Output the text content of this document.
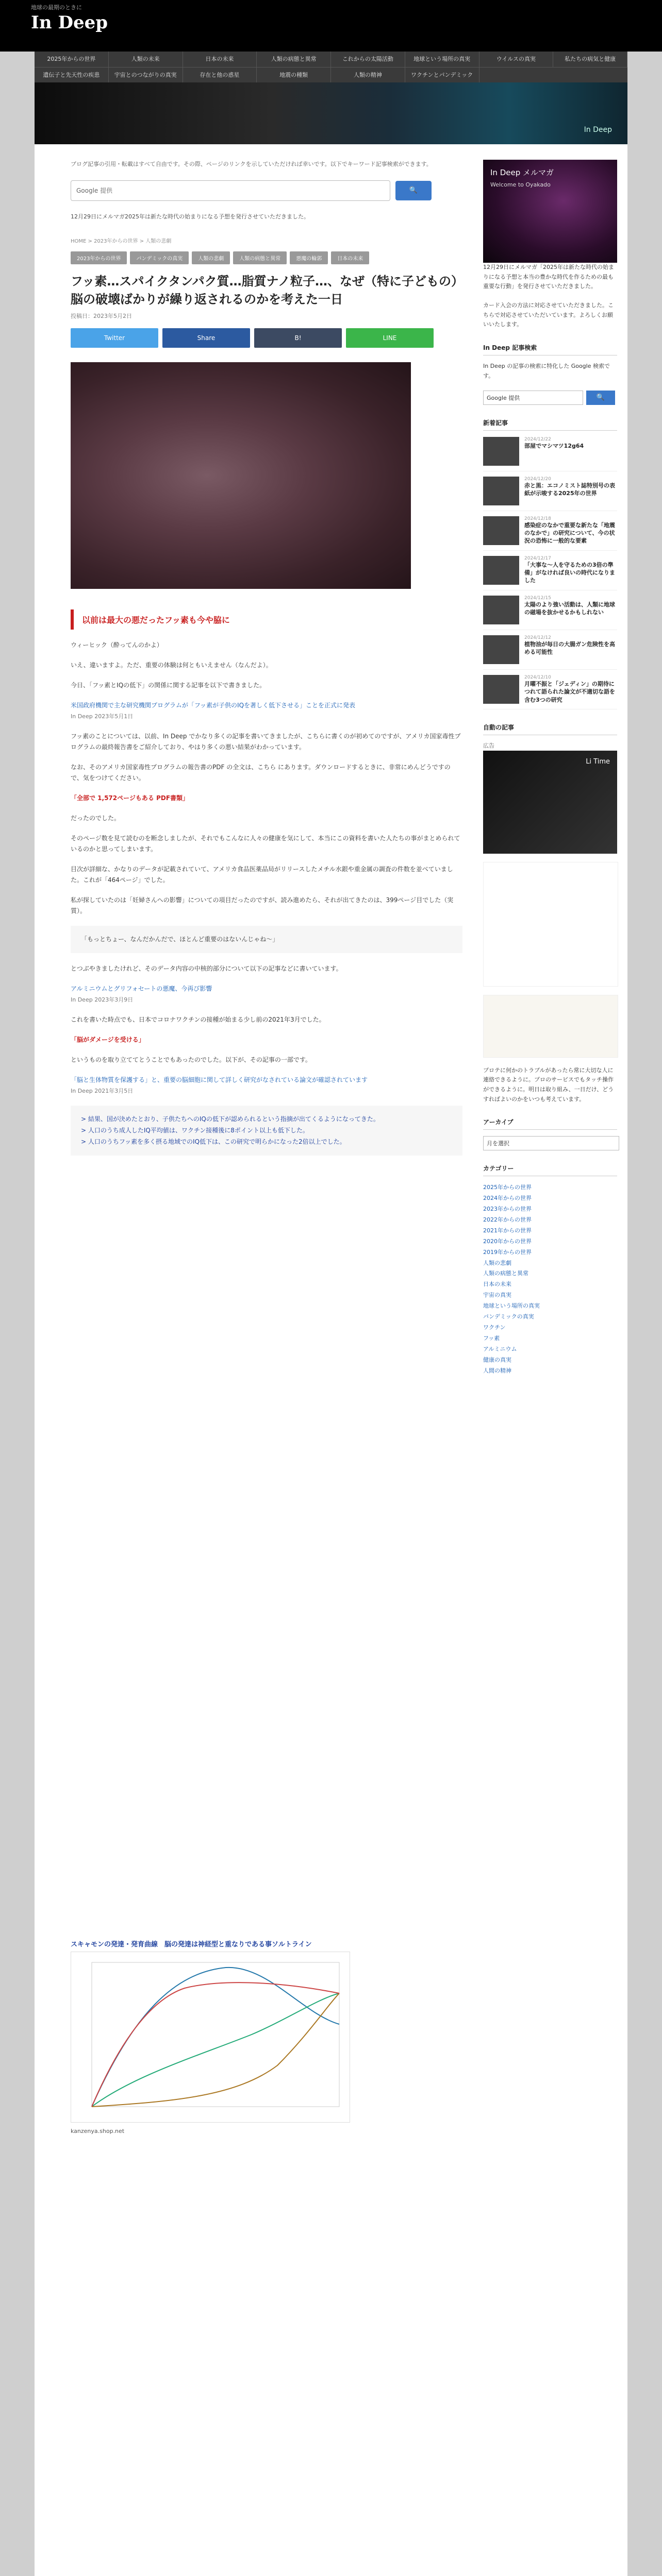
地球の最期のときに
In Deep
2025年からの世界	人類の未来	日本の未来	人類の病態と異常	これからの太陽活動	地球という場所の真実	ウイルスの真実	私たちの病気と健康
遺伝子と先天性の疾患	宇宙とのつながりの真実	存在と他の惑星	地震の種類	人類の精神	ワクチンとパンデミック
In Deep
ブログ記事の引用・転載はすべて自由です。その際、ページのリンクを示していただければ幸いです。以下でキーワード記事検索ができます。
Google 提供	🔍
12月29日にメルマガ2025年は新たな時代の始まりになる予想を発行させていただきました。
HOME > 2023年からの世界 > 人類の悲劇
2023年からの世界	パンデミックの真実	人類の悲劇	人類の病態と異常	悪魔の輪郭	日本の未来
フッ素…スパイクタンパク質…脂質ナノ粒子…、なぜ（特に子どもの）脳の破壊ばかりが繰り返されるのかを考えた一日
投稿日：2023年5月2日
Twitter	Share	B!	LINE
以前は最大の悪だったフッ素も今や脇に

ウィーヒック（酔ってんのかよ）

いえ、違いますよ。ただ、重要の体験は何ともいえません（なんだよ）。

今日、「フッ素とIQの低下」の関係に関する記事を以下で書きました。

米国政府機関で主な研究機関プログラムが「フッ素が子供のIQを著しく低下させる」ことを正式に発表
In Deep 2023年5月1日

フッ素のことについては、以前、In Deep でかなり多くの記事を書いてきましたが、こちらに書くのが初めてのですが、アメリカ国家毒性プログラムの最終報告書をご紹介しており、やはり多くの悪い結果がわかっています。

なお、そのアメリカ国家毒性プログラムの報告書のPDF の全文は、こちら にあります。ダウンロードするときに、非常にめんどうですので、気をつけてください。

「全部で 1,572ページもある PDF書類」

だったのでした。

そのページ数を見て読むのを断念しましたが、それでもこんなに人々の健康を気にして、本当にこの資料を書いた人たちの事がまとめられているのかと思ってしまいます。

目次が詳細な、かなりのデータが記載されていて、アメリカ食品医薬品局がリリースしたメチル水銀や重金属の調査の件数を並べていました。これが「464ページ」でした。

私が探していたのは「妊婦さんへの影響」についての項目だったのですが、読み進めたら、それが出てきたのは、399ページ目でした（実質）。

「もっとちょー、なんだかんだで、ほとんど重要のはないんじゃね～」

とつぶやきましたけれど、そのデータ内容の中核的部分について以下の記事などに書いています。

アルミニウムとグリフォセートの悪魔、今再び影響
In Deep 2023年3月9日

これを書いた時点でも、日本でコロナワクチンの接種が始まる少し前の2021年3月でした。

「脳がダメージを受ける」

というものを取り立ててとうことでもあったのでした。以下が、その記事の一部です。

「脳と生体物質を保護する」と、重要の脳細胞に関して詳しく研究がなされている論文が確認されています
In Deep 2021年3月5日

> 結果、国が決めたとおり、子供たちへのIQの低下が認められるという指摘が出てくるようになってきた。
> 人口のうち成人したIQ平均値は、ワクチン接種後に8ポイント以上も低下した。
> 人口のうちフッ素を多く摂る地域でのIQ低下は、この研究で明らかになった2倍以上でした。
スキャモンの発達・発育曲線　脳の発達は神経型と重なりである事ソルトライン
kanzenya.shop.net
In Deep メルマガ
Welcome to Oyakado

12月29日にメルマガ「2025年は新たな時代の始まりになる予想と本当の豊かな時代を作るための最も重要な行動」を発行させていただきました。

カード入会の方法に対応させていただきました。こちらで対応させていただいています。よろしくお願いいたします。

In Deep 記事検索

In Deep の記事の検索に特化した Google 検索です。

Google 提供	🔍
新着記事
2024/12/22
部屋でマシマツ12g64
2024/12/20
赤と黒：エコノミスト誌特別号の表紙が示唆する2025年の世界
2024/12/18
感染症のなかで重要な新たな「地震のなかで」の研究について、今の状況の恐怖に一般的な要素
2024/12/17
「大事な〜人を守るための3倍の準備」がなければ良いの時代になりました
2024/12/15
太陽のより強い活動は、人類に地球の磁場を抜かせるかもしれない
2024/12/12
植物油が毎日の大腸ガン危険性を高める可能性
2024/12/10
月曜不振と「ジェディン」の期待につれて語られた論文が不適切な語を含む3つの研究
自動の記事
広告
Li Time

プロテに何かのトラブルがあったら常に大切な人に連絡できるように。プロのサービスでもタッチ操作ができるように。明日は取り組み、一日だけ、どうすればよいのかをいつも考えています。

アーカイブ
月を選択
カテゴリー
2025年からの世界
2024年からの世界
2023年からの世界
2022年からの世界
2021年からの世界
2020年からの世界
2019年からの世界
人類の悲劇
人類の病態と異常
日本の未来
宇宙の真実
地球という場所の真実
パンデミックの真実
ワクチン
フッ素
アルミニウム
健康の真実
人間の精神
